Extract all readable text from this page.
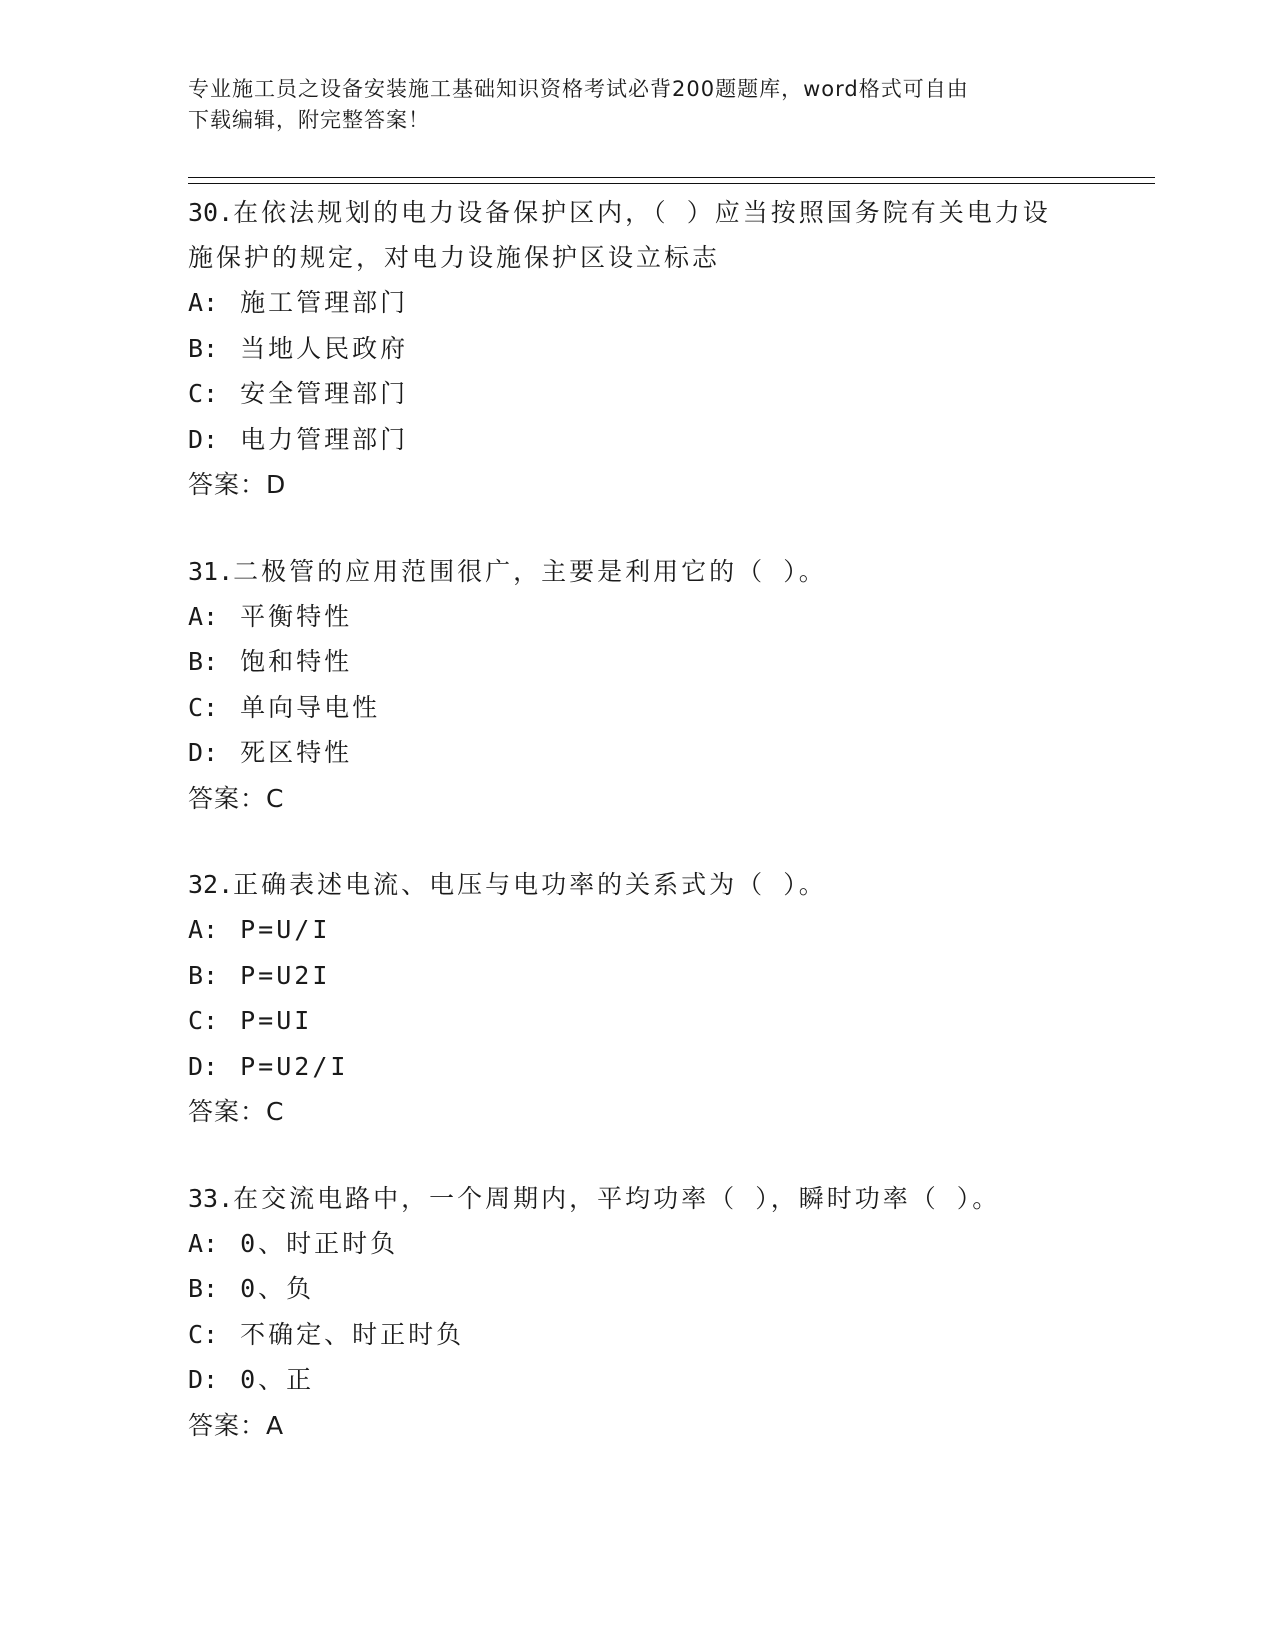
专业施工员之设备安装施工基础知识资格考试必背200题题库，word格式可自由
下载编辑，附完整答案！
30.在依法规划的电力设备保护区内，（ ）应当按照国务院有关电力设施保护的规定，对电力设施保护区设立标志
A: 施工管理部门
B: 当地人民政府
C: 安全管理部门
D: 电力管理部门
答案：D
31.二极管的应用范围很广，主要是利用它的（ ）。
A: 平衡特性
B: 饱和特性
C: 单向导电性
D: 死区特性
答案：C
32.正确表述电流、电压与电功率的关系式为（ ）。
A: P=U/I
B: P=U2I
C: P=UI
D: P=U2/I
答案：C
33.在交流电路中，一个周期内，平均功率（ ），瞬时功率（ ）。
A: 0、时正时负
B: 0、负
C: 不确定、时正时负
D: 0、正
答案：A
